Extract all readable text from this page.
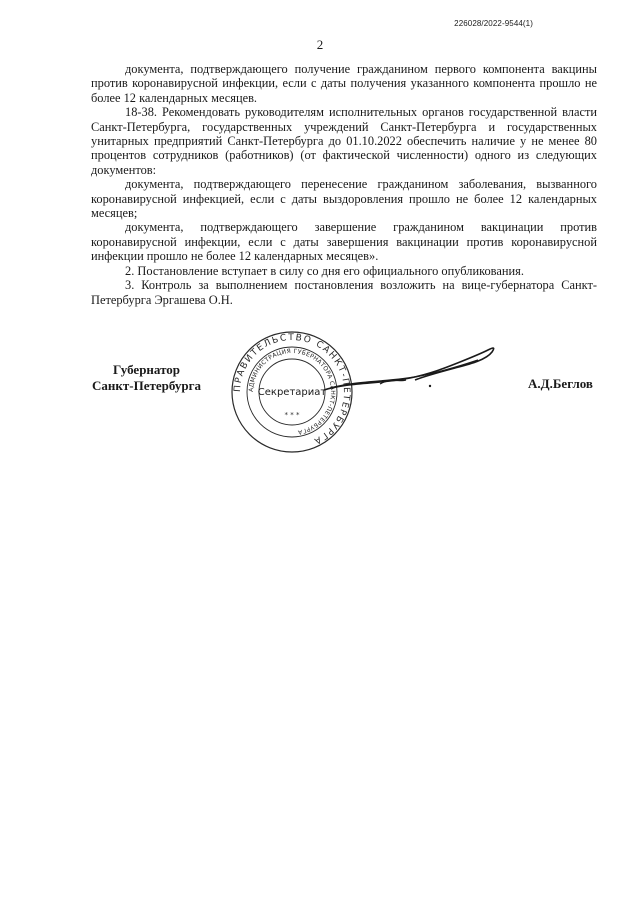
226028/2022-9544(1)
2

документа, подтверждающего получение гражданином первого компонента вакцины против коронавирусной инфекции, если с даты получения указанного компонента прошло не более 12 календарных месяцев.

18-38. Рекомендовать руководителям исполнительных органов государственной власти Санкт-Петербурга, государственных учреждений Санкт-Петербурга и государственных унитарных предприятий Санкт-Петербурга до 01.10.2022 обеспечить наличие у не менее 80 процентов сотрудников (работников) (от фактической численности) одного из следующих документов:

документа, подтверждающего перенесение гражданином заболевания, вызванного коронавирусной инфекцией, если с даты выздоровления прошло не более 12 календарных месяцев;

документа, подтверждающего завершение гражданином вакцинации против коронавирусной инфекции, если с даты завершения вакцинации против коронавирусной инфекции прошло не более 12 календарных месяцев».

2. Постановление вступает в силу со дня его официального опубликования.

3. Контроль за выполнением постановления возложить на вице-губернатора Санкт-Петербурга Эргашева О.Н.

Губернатор
Санкт-Петербурга	ПРАВИТЕЛЬСТВО САНКТ-ПЕТЕРБУРГА
АДМИНИСТРАЦИЯ ГУБЕРНАТОРА САНКТ-ПЕТЕРБУРГА
Секретариат
* * *
А.Д.Беглов
